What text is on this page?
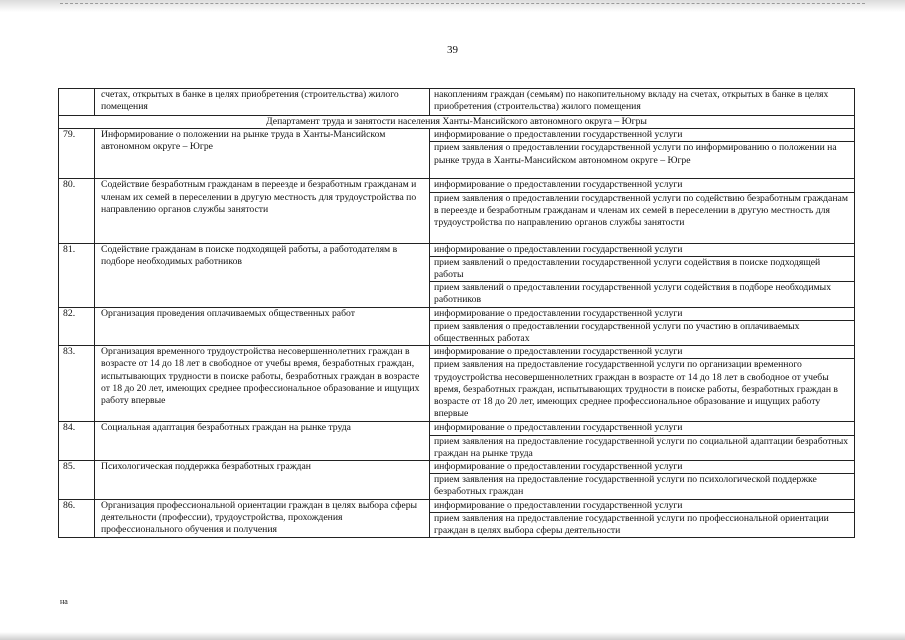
39
	счетах, открытых в банке в целях приобретения (строительства) жилого помещения	накоплениям граждан (семьям) по накопительному вкладу на счетах, открытых в банке в целях приобретения (строительства) жилого помещения
Департамент труда и занятости населения Ханты-Мансийского автономного округа – Югры		

79.	Информирование о положении на рынке труда в Ханты-Мансийском автономном округе – Югре	информирование о предоставлении государственной услуги
		прием заявления о предоставлении государственной услуги по информированию о положении на рынке труда в Ханты-Мансийском автономном округе – Югре

80.	Содействие безработным гражданам в переезде и безработным гражданам и членам их семей в переселении в другую местность для трудоустройства по направлению органов службы занятости	информирование о предоставлении государственной услуги
		прием заявления о предоставлении государственной услуги по содействию безработным гражданам в переезде и безработным гражданам и членам их семей в переселении в другую местность для трудоустройства по направлению органов службы занятости

81.	Содействие гражданам в поиске подходящей работы, а работодателям в подборе необходимых работников	информирование о предоставлении государственной услуги
		прием заявлений о предоставлении государственной услуги содействия в поиске подходящей работы
		прием заявлений о предоставлении государственной услуги содействия в подборе необходимых работников

82.	Организация проведения оплачиваемых общественных работ	информирование о предоставлении государственной услуги
		прием заявления о предоставлении государственной услуги по участию в оплачиваемых общественных работах

83.	Организация временного трудоустройства несовершеннолетних граждан в возрасте от 14 до 18 лет в свободное от учебы время, безработных граждан, испытывающих трудности в поиске работы, безработных граждан в возрасте от 18 до 20 лет, имеющих среднее профессиональное образование и ищущих работу впервые	информирование о предоставлении государственной услуги
		прием заявления на предоставление государственной услуги по организации временного трудоустройства несовершеннолетних граждан в возрасте от 14 до 18 лет в свободное от учебы время, безработных граждан, испытывающих трудности в поиске работы, безработных граждан в возрасте от 18 до 20 лет, имеющих среднее профессиональное образование и ищущих работу впервые

84.	Социальная адаптация безработных граждан на рынке труда	информирование о предоставлении государственной услуги
		прием заявления на предоставление государственной услуги по социальной адаптации безработных граждан на рынке труда

85.	Психологическая поддержка безработных граждан	информирование о предоставлении государственной услуги
		прием заявления на предоставление государственной услуги по психологической поддержке безработных граждан

86.	Организация профессиональной ориентации граждан в целях выбора сферы деятельности (профессии), трудоустройства, прохождения профессионального обучения и получения	информирование о предоставлении государственной услуги
		прием заявления на предоставление государственной услуги по профессиональной ориентации граждан в целях выбора сферы деятельности
на
